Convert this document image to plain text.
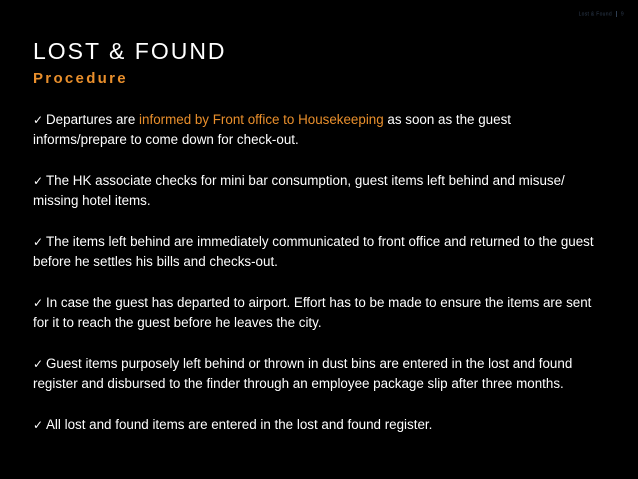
Lost & Found 9
LOST & FOUND
Procedure
✓ Departures are informed by Front office to Housekeeping as soon as the guest informs/prepare to come down for check-out.
✓ The HK associate checks for mini bar consumption, guest items left behind and misuse/ missing hotel items.
✓ The items left behind are immediately communicated to front office and returned to the guest before he settles his bills and checks-out.
✓ In case the guest has departed to airport. Effort has to be made to ensure the items are sent for it to reach the guest before he leaves the city.
✓ Guest items purposely left behind or thrown in dust bins are entered in the lost and found register and disbursed to the finder through an employee package slip after three months.
✓ All lost and found items are entered in the lost and found register.
